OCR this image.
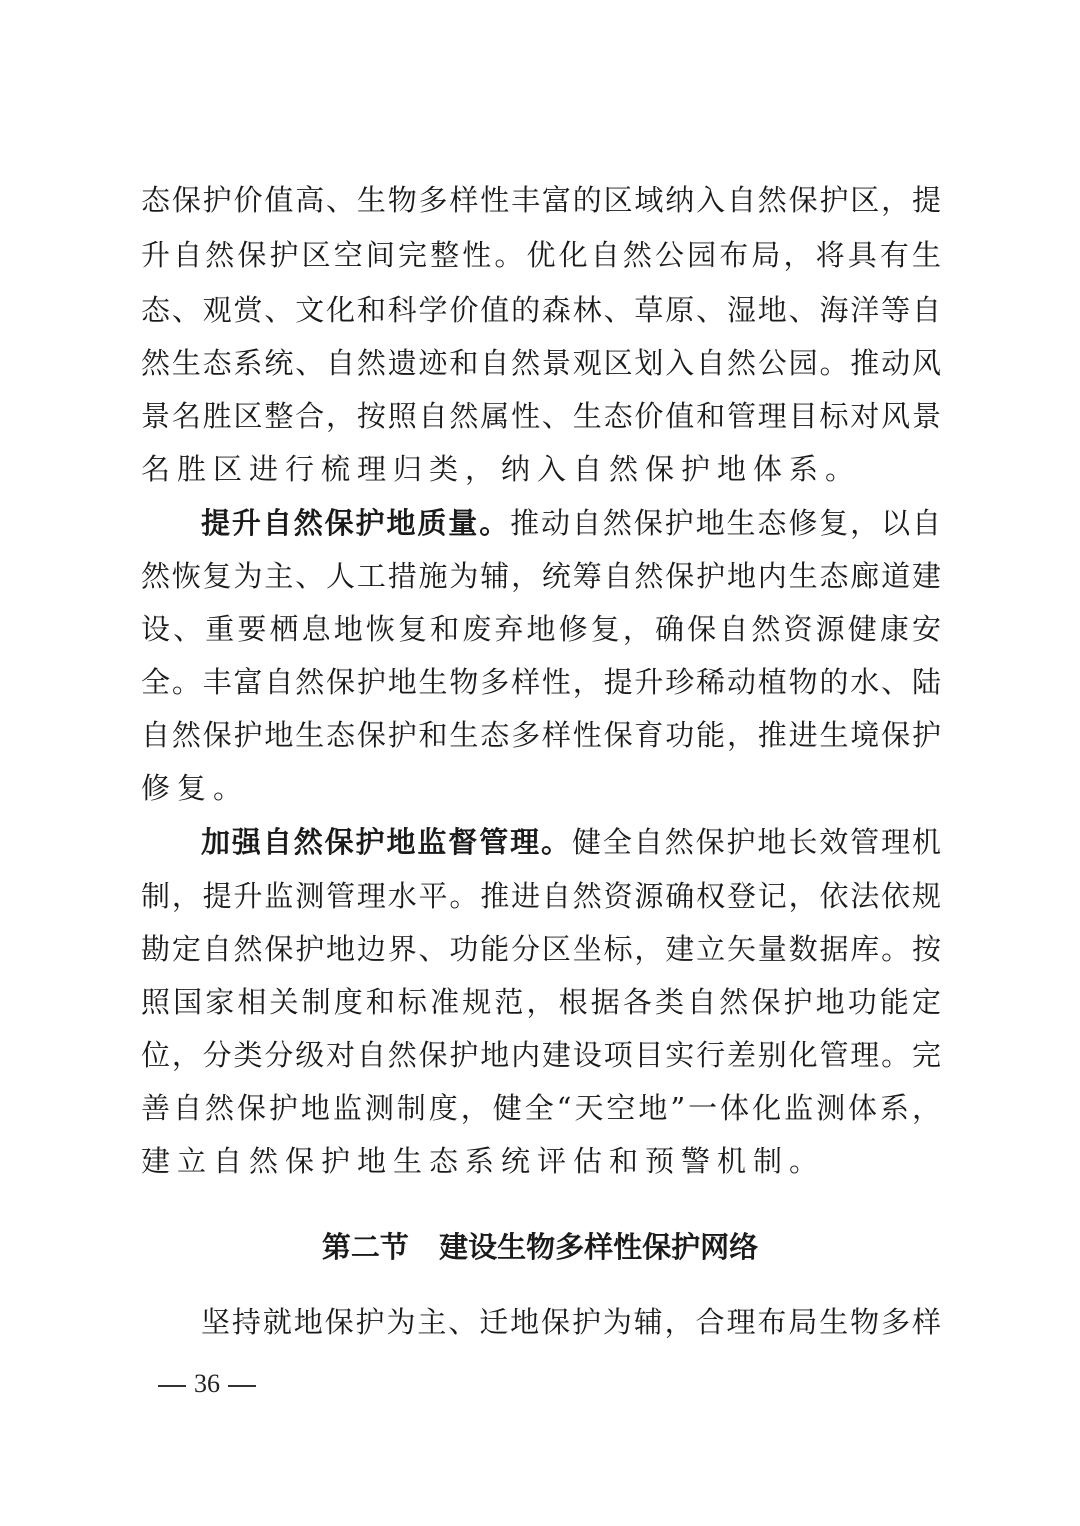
态保护价值高、生物多样性丰富的区域纳入自然保护区，提
升自然保护区空间完整性。优化自然公园布局，将具有生
态、观赏、文化和科学价值的森林、草原、湿地、海洋等自
然生态系统、自然遗迹和自然景观区划入自然公园。推动风
景名胜区整合，按照自然属性、生态价值和管理目标对风景
名胜区进行梳理归类，纳入自然保护地体系。
提升自然保护地质量。推动自然保护地生态修复，以自
然恢复为主、人工措施为辅，统筹自然保护地内生态廊道建
设、重要栖息地恢复和废弃地修复，确保自然资源健康安
全。丰富自然保护地生物多样性，提升珍稀动植物的水、陆
自然保护地生态保护和生态多样性保育功能，推进生境保护
修复。
加强自然保护地监督管理。健全自然保护地长效管理机
制，提升监测管理水平。推进自然资源确权登记，依法依规
勘定自然保护地边界、功能分区坐标，建立矢量数据库。按
照国家相关制度和标准规范，根据各类自然保护地功能定
位，分类分级对自然保护地内建设项目实行差别化管理。完
善自然保护地监测制度，健全“天空地”一体化监测体系，
建立自然保护地生态系统评估和预警机制。
第二节 建设生物多样性保护网络
坚持就地保护为主、迁地保护为辅，合理布局生物多样
36
